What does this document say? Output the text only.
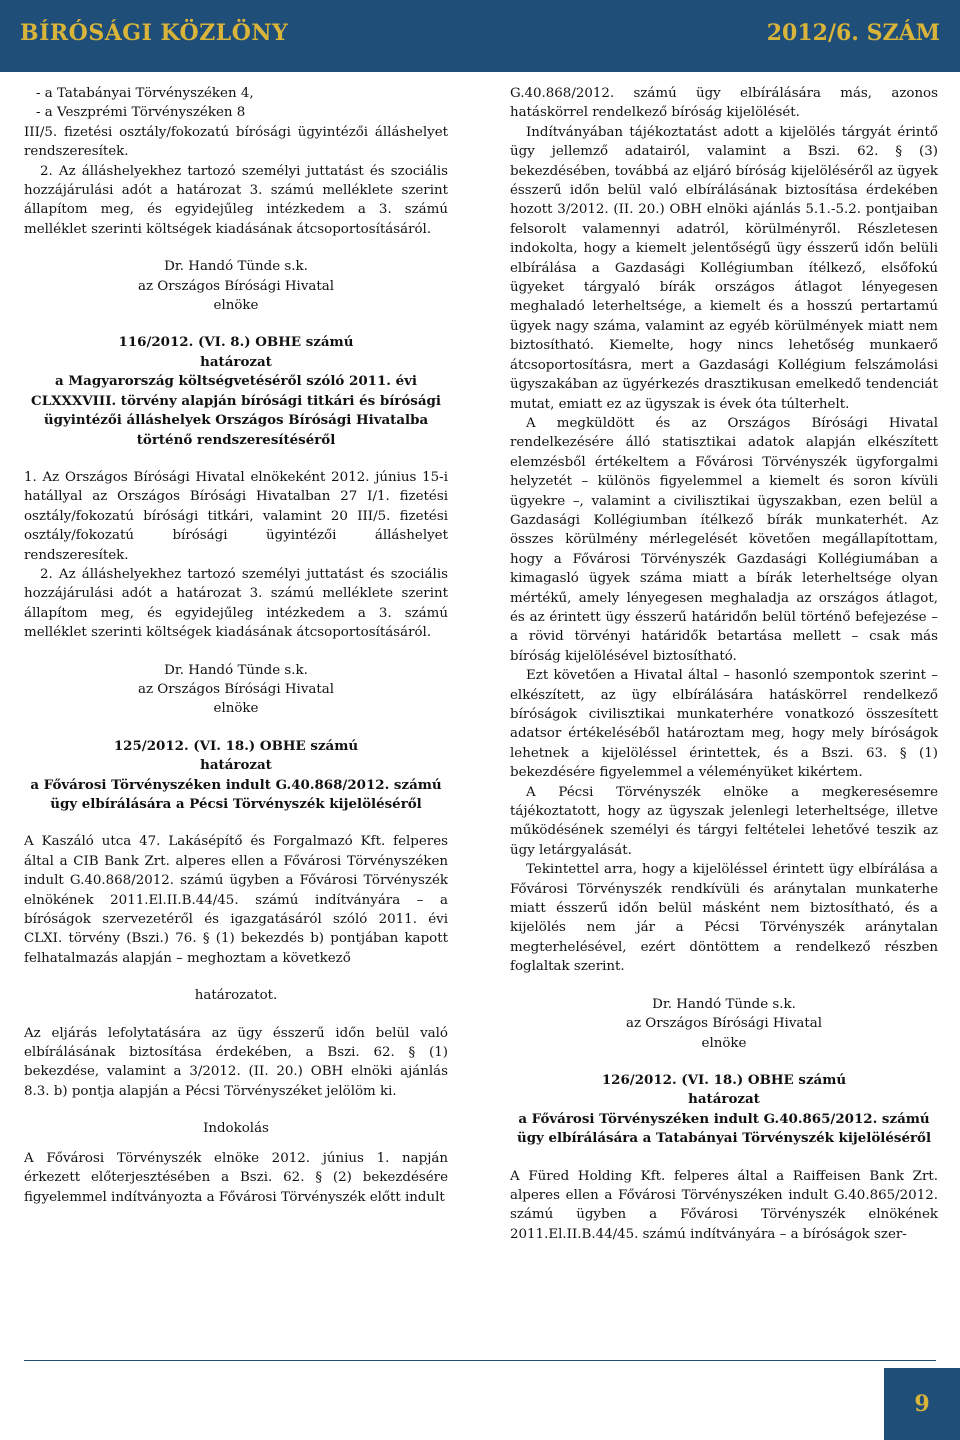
BÍRÓSÁGI KÖZLÖNY	2012/6. SZÁM

- a Tatabányai Törvényszéken 4,

- a Veszprémi Törvényszéken 8

III/5. fizetési osztály/fokozatú bírósági ügyintézői álláshelyet rendszeresítek.

2. Az álláshelyekhez tartozó személyi juttatást és szociális hozzájárulási adót a határozat 3. számú melléklete szerint állapítom meg, és egyidejűleg intézkedem a 3. számú melléklet szerinti költségek kiadásának átcsoportosításáról.

Dr. Handó Tünde s.k.

az Országos Bírósági Hivatal

elnöke

116/2012. (VI. 8.) OBHE számú

határozat

a Magyarország költségvetéséről szóló 2011. évi CLXXXVIII. törvény alapján bírósági titkári és bírósági ügyintézői álláshelyek Országos Bírósági Hivatalba történő rendszeresítéséről

1. Az Országos Bírósági Hivatal elnökeként 2012. június 15-i hatállyal az Országos Bírósági Hivatalban 27 I/1. fizetési osztály/fokozatú bírósági titkári, valamint 20 III/5. fizetési osztály/fokozatú bírósági ügyintézői álláshelyet rendszeresítek.

2. Az álláshelyekhez tartozó személyi juttatást és szociális hozzájárulási adót a határozat 3. számú melléklete szerint állapítom meg, és egyidejűleg intézkedem a 3. számú melléklet szerinti költségek kiadásának átcsoportosításáról.

Dr. Handó Tünde s.k.

az Országos Bírósági Hivatal

elnöke

125/2012. (VI. 18.) OBHE számú

határozat

a Fővárosi Törvényszéken indult G.40.868/2012. számú ügy elbírálására a Pécsi Törvényszék kijelöléséről

A Kaszáló utca 47. Lakásépítő és Forgalmazó Kft. felperes által a CIB Bank Zrt. alperes ellen a Fővárosi Törvényszéken indult G.40.868/2012. számú ügyben a Fővárosi Törvényszék elnökének 2011.El.II.B.44/45. számú indítványára – a bíróságok szervezetéről és igazgatásáról szóló 2011. évi CLXI. törvény (Bszi.) 76. § (1) bekezdés b) pontjában kapott felhatalmazás alapján – meghoztam a következő

határozatot.

Az eljárás lefolytatására az ügy ésszerű időn belül való elbírálásának biztosítása érdekében, a Bszi. 62. § (1) bekezdése, valamint a 3/2012. (II. 20.) OBH elnöki ajánlás 8.3. b) pontja alapján a Pécsi Törvényszéket jelölöm ki.

Indokolás

A Fővárosi Törvényszék elnöke 2012. június 1. napján érkezett előterjesztésében a Bszi. 62. § (2) bekezdésére figyelemmel indítványozta a Fővárosi Törvényszék előtt indult

G.40.868/2012. számú ügy elbírálására más, azonos hatáskörrel rendelkező bíróság kijelölését.

Indítványában tájékoztatást adott a kijelölés tárgyát érintő ügy jellemző adatairól, valamint a Bszi. 62. § (3) bekezdésében, továbbá az eljáró bíróság kijelöléséről az ügyek ésszerű időn belül való elbírálásának biztosítása érdekében hozott 3/2012. (II. 20.) OBH elnöki ajánlás 5.1.-5.2. pontjaiban felsorolt valamennyi adatról, körülményről. Részletesen indokolta, hogy a kiemelt jelentőségű ügy ésszerű időn belüli elbírálása a Gazdasági Kollégiumban ítélkező, elsőfokú ügyeket tárgyaló bírák országos átlagot lényegesen meghaladó leterheltsége, a kiemelt és a hosszú pertartamú ügyek nagy száma, valamint az egyéb körülmények miatt nem biztosítható. Kiemelte, hogy nincs lehetőség munkaerő átcsoportosításra, mert a Gazdasági Kollégium felszámolási ügyszakában az ügyérkezés drasztikusan emelkedő tendenciát mutat, emiatt ez az ügyszak is évek óta túlterhelt.

A megküldött és az Országos Bírósági Hivatal rendelkezésére álló statisztikai adatok alapján elkészített elemzésből értékeltem a Fővárosi Törvényszék ügyforgalmi helyzetét – különös figyelemmel a kiemelt és soron kívüli ügyekre –, valamint a civilisztikai ügyszakban, ezen belül a Gazdasági Kollégiumban ítélkező bírák munkaterhét. Az összes körülmény mérlegelését követően megállapítottam, hogy a Fővárosi Törvényszék Gazdasági Kollégiumában a kimagasló ügyek száma miatt a bírák leterheltsége olyan mértékű, amely lényegesen meghaladja az országos átlagot, és az érintett ügy ésszerű határidőn belül történő befejezése – a rövid törvényi határidők betartása mellett – csak más bíróság kijelölésével biztosítható.

Ezt követően a Hivatal által – hasonló szempontok szerint – elkészített, az ügy elbírálására hatáskörrel rendelkező bíróságok civilisztikai munkaterhére vonatkozó összesített adatsor értékeléséből határoztam meg, hogy mely bíróságok lehetnek a kijelöléssel érintettek, és a Bszi. 63. § (1) bekezdésére figyelemmel a véleményüket kikértem.

A Pécsi Törvényszék elnöke a megkeresésemre tájékoztatott, hogy az ügyszak jelenlegi leterheltsége, illetve működésének személyi és tárgyi feltételei lehetővé teszik az ügy letárgyalását.

Tekintettel arra, hogy a kijelöléssel érintett ügy elbírálása a Fővárosi Törvényszék rendkívüli és aránytalan munkaterhe miatt ésszerű időn belül másként nem biztosítható, és a kijelölés nem jár a Pécsi Törvényszék aránytalan megterhelésével, ezért döntöttem a rendelkező részben foglaltak szerint.

Dr. Handó Tünde s.k.

az Országos Bírósági Hivatal

elnöke

126/2012. (VI. 18.) OBHE számú

határozat

a Fővárosi Törvényszéken indult G.40.865/2012. számú ügy elbírálására a Tatabányai Törvényszék kijelöléséről

A Füred Holding Kft. felperes által a Raiffeisen Bank Zrt. alperes ellen a Fővárosi Törvényszéken indult G.40.865/2012. számú ügyben a Fővárosi Törvényszék elnökének 2011.El.II.B.44/45. számú indítványára – a bíróságok szer-

9
